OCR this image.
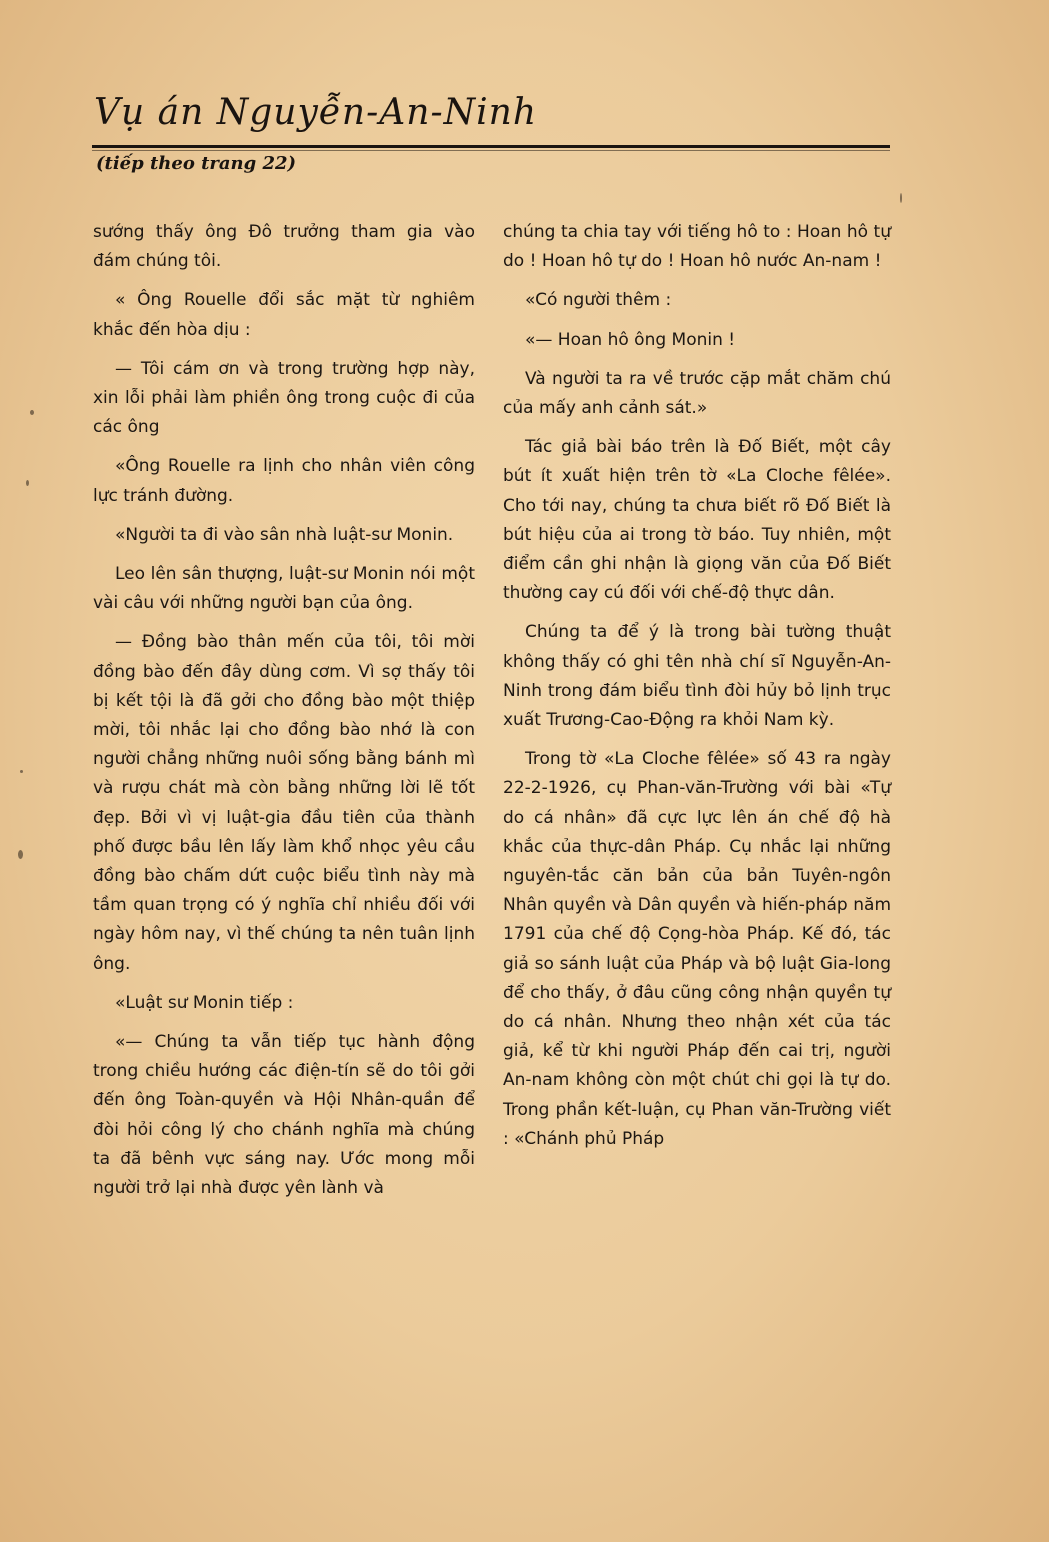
Vụ án Nguyễn-An-Ninh
(tiếp theo trang 22)

sướng thấy ông Đô trưởng tham gia vào đám chúng tôi.

« Ông Rouelle đổi sắc mặt từ nghiêm khắc đến hòa dịu :

— Tôi cám ơn và trong trường hợp này, xin lỗi phải làm phiền ông trong cuộc đi của các ông

«Ông Rouelle ra lịnh cho nhân viên công lực tránh đường.

«Người ta đi vào sân nhà luật-sư Monin.

Leo lên sân thượng, luật-sư Monin nói một vài câu với những người bạn của ông.

— Đồng bào thân mến của tôi, tôi mời đồng bào đến đây dùng cơm. Vì sợ thấy tôi bị kết tội là đã gởi cho đồng bào một thiệp mời, tôi nhắc lại cho đồng bào nhớ là con người chẳng những nuôi sống bằng bánh mì và rượu chát mà còn bằng những lời lẽ tốt đẹp. Bởi vì vị luật-gia đầu tiên của thành phố được bầu lên lấy làm khổ nhọc yêu cầu đồng bào chấm dứt cuộc biểu tình này mà tầm quan trọng có ý nghĩa chỉ nhiều đối với ngày hôm nay, vì thế chúng ta nên tuân lịnh ông.

«Luật sư Monin tiếp :

«— Chúng ta vẫn tiếp tục hành động trong chiều hướng các điện-tín sẽ do tôi gởi đến ông Toàn-quyền và Hội Nhân-quần để đòi hỏi công lý cho chánh nghĩa mà chúng ta đã bênh vực sáng nay. Ước mong mỗi người trở lại nhà được yên lành và

chúng ta chia tay với tiếng hô to : Hoan hô tự do ! Hoan hô tự do ! Hoan hô nước An-nam !

«Có người thêm :

«— Hoan hô ông Monin !

Và người ta ra về trước cặp mắt chăm chú của mấy anh cảnh sát.»

Tác giả bài báo trên là Đố Biết, một cây bút ít xuất hiện trên tờ «La Cloche fêlée». Cho tới nay, chúng ta chưa biết rõ Đố Biết là bút hiệu của ai trong tờ báo. Tuy nhiên, một điểm cần ghi nhận là giọng văn của Đố Biết thường cay cú đối với chế-độ thực dân.

Chúng ta để ý là trong bài tường thuật không thấy có ghi tên nhà chí sĩ Nguyễn-An-Ninh trong đám biểu tình đòi hủy bỏ lịnh trục xuất Trương-Cao-Động ra khỏi Nam kỳ.

Trong tờ «La Cloche fêlée» số 43 ra ngày 22-2-1926, cụ Phan-văn-Trường với bài «Tự do cá nhân» đã cực lực lên án chế độ hà khắc của thực-dân Pháp. Cụ nhắc lại những nguyên-tắc căn bản của bản Tuyên-ngôn Nhân quyền và Dân quyền và hiến-pháp năm 1791 của chế độ Cọng-hòa Pháp. Kế đó, tác giả so sánh luật của Pháp và bộ luật Gia-long để cho thấy, ở đâu cũng công nhận quyền tự do cá nhân. Nhưng theo nhận xét của tác giả, kể từ khi người Pháp đến cai trị, người An-nam không còn một chút chi gọi là tự do. Trong phần kết-luận, cụ Phan văn-Trường viết : «Chánh phủ Pháp
